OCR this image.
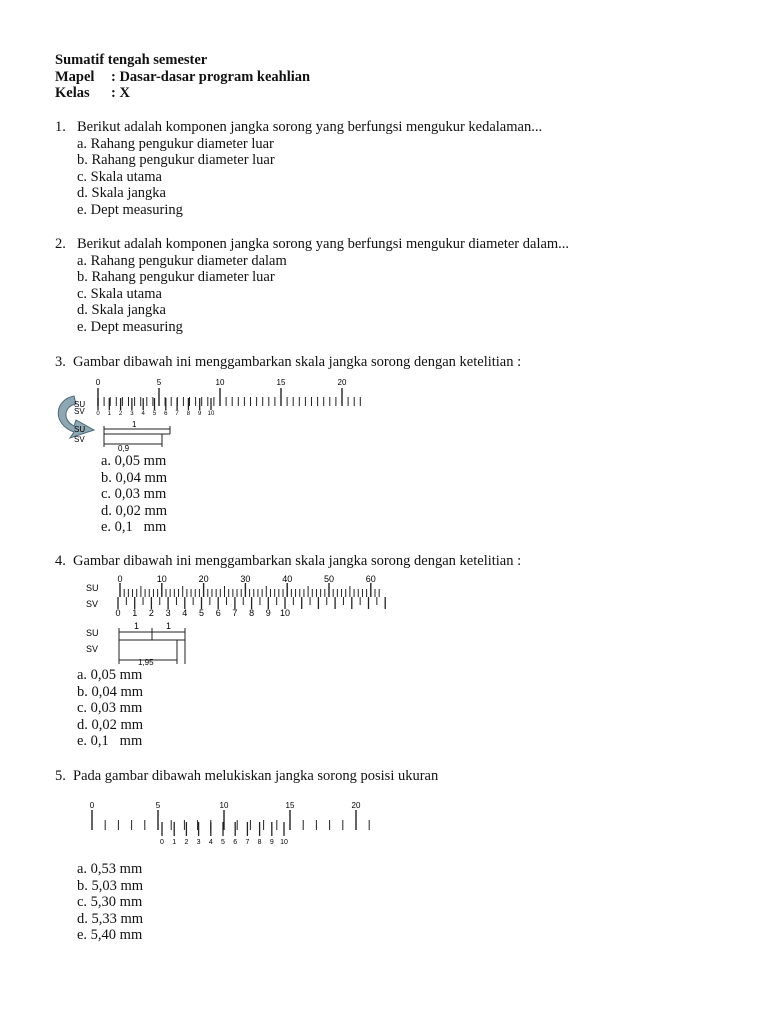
Sumatif tengah semester
Mapel : Dasar-dasar program keahlian
Kelas : X
1. Berikut adalah komponen jangka sorong yang berfungsi mengukur kedalaman...
a. Rahang pengukur diameter luar
b. Rahang pengukur diameter luar
c. Skala utama
d. Skala jangka
e. Dept measuring
2. Berikut adalah komponen jangka sorong yang berfungsi mengukur diameter dalam...
a. Rahang pengukur diameter dalam
b. Rahang pengukur diameter luar
c. Skala utama
d. Skala jangka
e. Dept measuring
3. Gambar dibawah ini menggambarkan skala jangka sorong dengan ketelitian :
a. 0,05 mm
b. 0,04 mm
c. 0,03 mm
d. 0,02 mm
e. 0,1   mm
SU
SV
0	5	10	15	20
0 1 2 3 4 5 6 7 8 9 10
SU
SV
1
0,9
4. Gambar dibawah ini menggambarkan skala jangka sorong dengan ketelitian :
SU
SV
0	10	20	30	40	50	60
0 1 2 3 4 5 6 7 8 9 10
SU
SV
1	1
1,95
a. 0,05 mm
b. 0,04 mm
c. 0,03 mm
d. 0,02 mm
e. 0,1   mm
5. Pada gambar dibawah melukiskan jangka sorong posisi ukuran
0	5	10	15	20
0 1 2 3 4 5 6 7 8 9 10
a. 0,53 mm
b. 5,03 mm
c. 5,30 mm
d. 5,33 mm
e. 5,40 mm
